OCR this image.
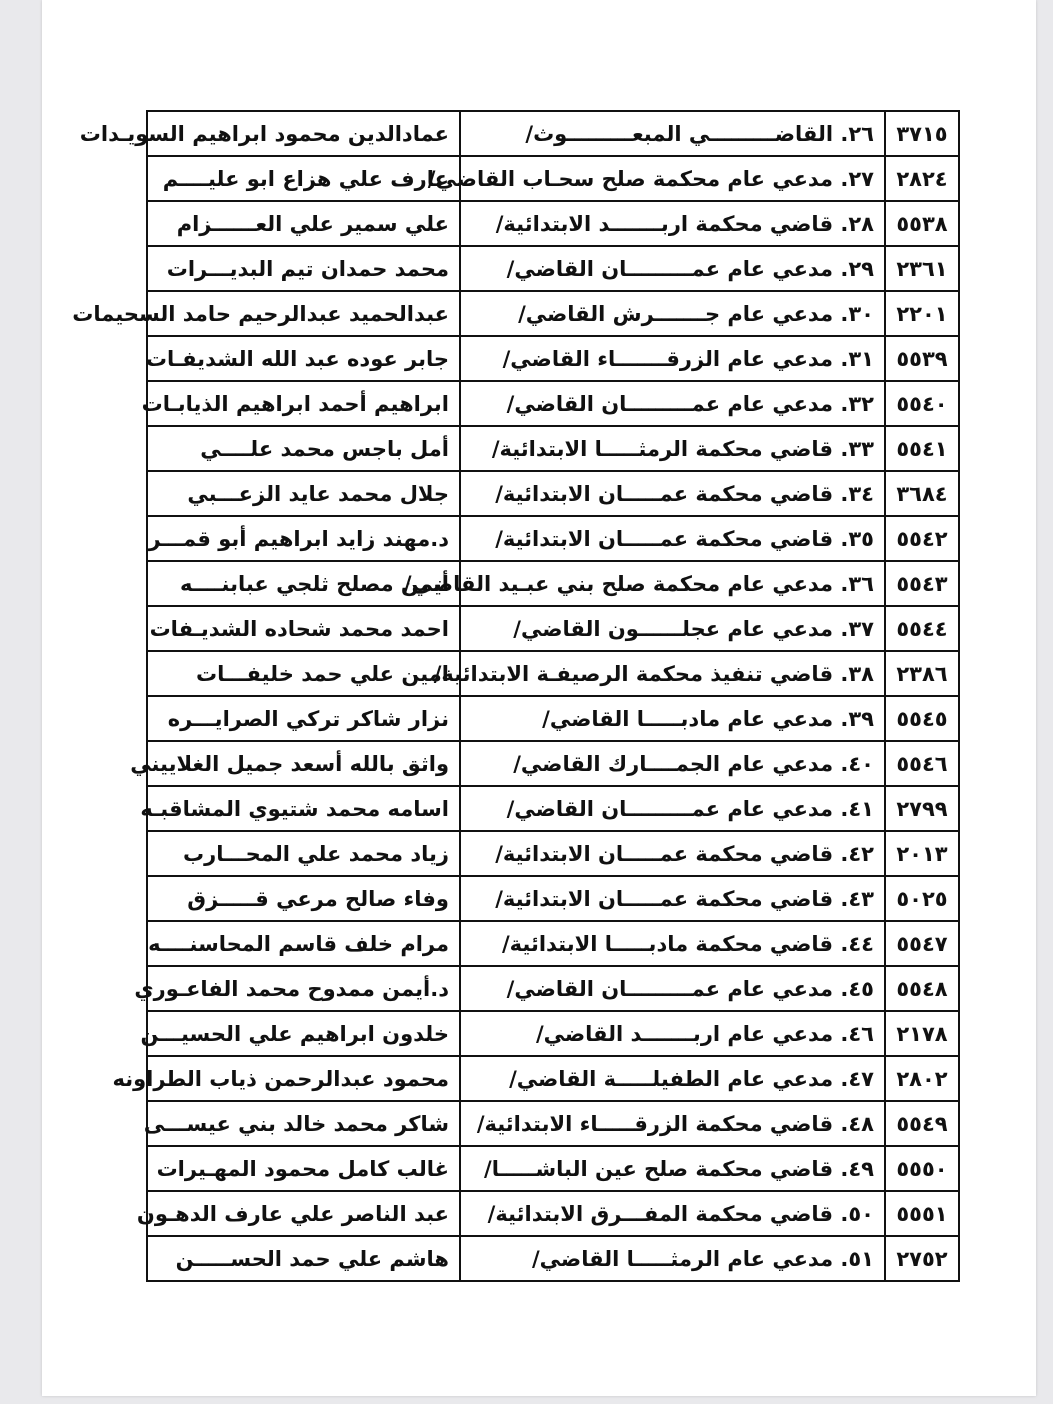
٣٧١٥	٢٦. القاضـــــــــي المبعـــــــــوث/	عمادالدين محمود ابراهيم السويـدات
٢٨٢٤	٢٧. مدعي عام محكمة صلح سحـاب القاضي/	عارف علي هزاع ابو عليــــم
٥٥٣٨	٢٨. قاضي محكمة اربـــــــد الابتدائية/	علي سمير علي العــــــزام
٢٣٦١	٢٩. مدعي عام عمـــــــــان القاضي/	محمد حمدان تيم البديـــرات
٢٢٠١	٣٠. مدعي عام جـــــــرش القاضي/	عبدالحميد عبدالرحيم حامد السحيمات
٥٥٣٩	٣١. مدعي عام الزرقـــــــاء القاضي/	جابر عوده عبد الله الشديفـات
٥٥٤٠	٣٢. مدعي عام عمـــــــــان القاضي/	ابراهيم أحمد ابراهيم الذيابـات
٥٥٤١	٣٣. قاضي محكمة الرمثـــــا الابتدائية/	أمل باجس محمد علــــي
٣٦٨٤	٣٤. قاضي محكمة عمـــــان الابتدائية/	جلال محمد عايد الزعـــبي
٥٥٤٢	٣٥. قاضي محكمة عمـــــان الابتدائية/	د.مهند زايد ابراهيم أبو قمـــر
٥٥٤٣	٣٦. مدعي عام محكمة صلح بني عبـيد القاضي/	أيمن مصلح ثلجي عبابنــــه
٥٥٤٤	٣٧. مدعي عام عجلــــــون القاضي/	احمد محمد شحاده الشديـفات
٢٣٨٦	٣٨. قاضي تنفيذ محكمة الرصيفـة الابتدائية/	امين علي حمد خليفـــات
٥٥٤٥	٣٩. مدعي عام مادبـــــا القاضي/	نزار شاكر تركي الصرايـــره
٥٥٤٦	٤٠. مدعي عام الجمــــارك القاضي/	واثق بالله أسعد جميل الغلاييني
٢٧٩٩	٤١. مدعي عام عمـــــــــان القاضي/	اسامه محمد شتيوي المشاقبـه
٢٠١٣	٤٢. قاضي محكمة عمـــــان الابتدائية/	زياد محمد علي المحـــارب
٥٠٢٥	٤٣. قاضي محكمة عمـــــان الابتدائية/	وفاء صالح مرعي قـــــزق
٥٥٤٧	٤٤. قاضي محكمة مادبـــــا الابتدائية/	مرام خلف قاسم المحاسنــــه
٥٥٤٨	٤٥. مدعي عام عمـــــــــان القاضي/	د.أيمن ممدوح محمد الفاعـوري
٢١٧٨	٤٦. مدعي عام اربـــــــد القاضي/	خلدون ابراهيم علي الحسيـــن
٢٨٠٢	٤٧. مدعي عام الطفيلـــــة القاضي/	محمود عبدالرحمن ذياب الطراونه
٥٥٤٩	٤٨. قاضي محكمة الزرقـــــاء الابتدائية/	شاكر محمد خالد بني عيســـى
٥٥٥٠	٤٩. قاضي محكمة صلح عين الباشـــــا/	غالب كامل محمود المهـيرات
٥٥٥١	٥٠. قاضي محكمة المفـــرق الابتدائية/	عبد الناصر علي عارف الدهـون
٢٧٥٢	٥١. مدعي عام الرمثـــــا القاضي/	هاشم علي حمد الحســـــن
